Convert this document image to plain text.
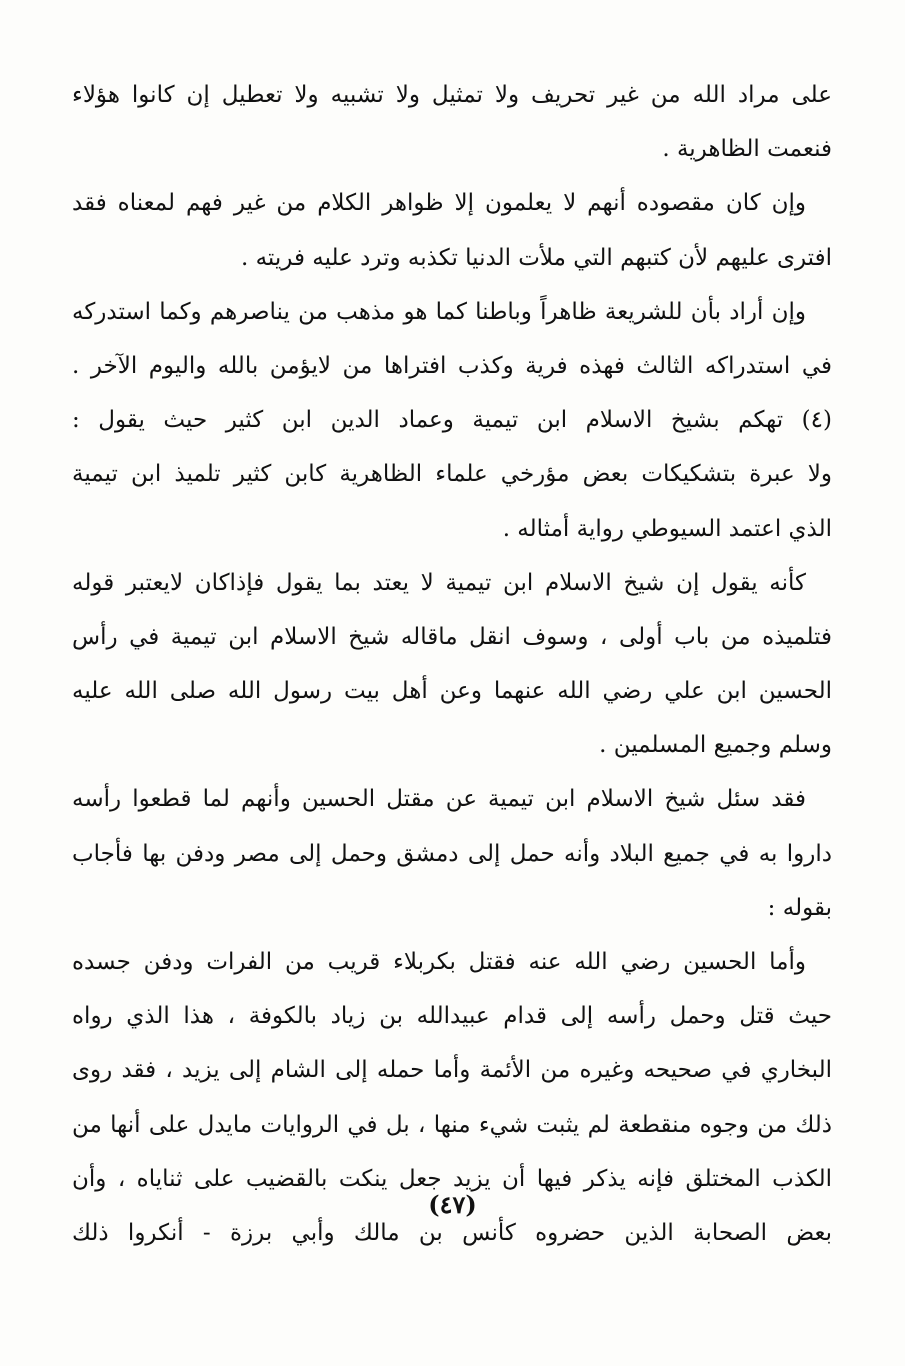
على مراد الله من غير تحريف ولا تمثيل ولا تشبيه ولا تعطيل إن كانوا هؤلاء
فنعمت الظاهرية .
وإن كان مقصوده أنهم لا يعلمون إلا ظواهر الكلام من غير فهم لمعناه فقد
افترى عليهم لأن كتبهم التي ملأت الدنيا تكذبه وترد عليه فريته .
وإن أراد بأن للشريعة ظاهراً وباطنا كما هو مذهب من يناصرهم وكما استدركه
في استدراكه الثالث فهذه فرية وكذب افتراها من لايؤمن بالله واليوم الآخر .
(٤) تهكم بشيخ الاسلام ابن تيمية وعماد الدين ابن كثير حيث يقول :
ولا عبرة بتشكيكات بعض مؤرخي علماء الظاهرية كابن كثير تلميذ ابن تيمية
الذي اعتمد السيوطي رواية أمثاله .
كأنه يقول إن شيخ الاسلام ابن تيمية لا يعتد بما يقول فإذاكان لايعتبر قوله
فتلميذه من باب أولى ، وسوف انقل ماقاله شيخ الاسلام ابن تيمية في رأس
الحسين ابن علي رضي الله عنهما وعن أهل بيت رسول الله صلى الله عليه
وسلم وجميع المسلمين .
فقد سئل شيخ الاسلام ابن تيمية عن مقتل الحسين وأنهم لما قطعوا رأسه
داروا به في جميع البلاد وأنه حمل إلى دمشق وحمل إلى مصر ودفن بها فأجاب
بقوله :
وأما الحسين رضي الله عنه فقتل بكربلاء قريب من الفرات ودفن جسده
حيث قتل وحمل رأسه إلى قدام عبيدالله بن زياد بالكوفة ، هذا الذي رواه
البخاري في صحيحه وغيره من الأئمة وأما حمله إلى الشام إلى يزيد ، فقد روى
ذلك من وجوه منقطعة لم يثبت شيء منها ، بل في الروايات مايدل على أنها من
الكذب المختلق فإنه يذكر فيها أن يزيد جعل ينكت بالقضيب على ثناياه ، وأن
بعض الصحابة الذين حضروه كأنس بن مالك وأبي برزة - أنكروا ذلك
(٤٧)
